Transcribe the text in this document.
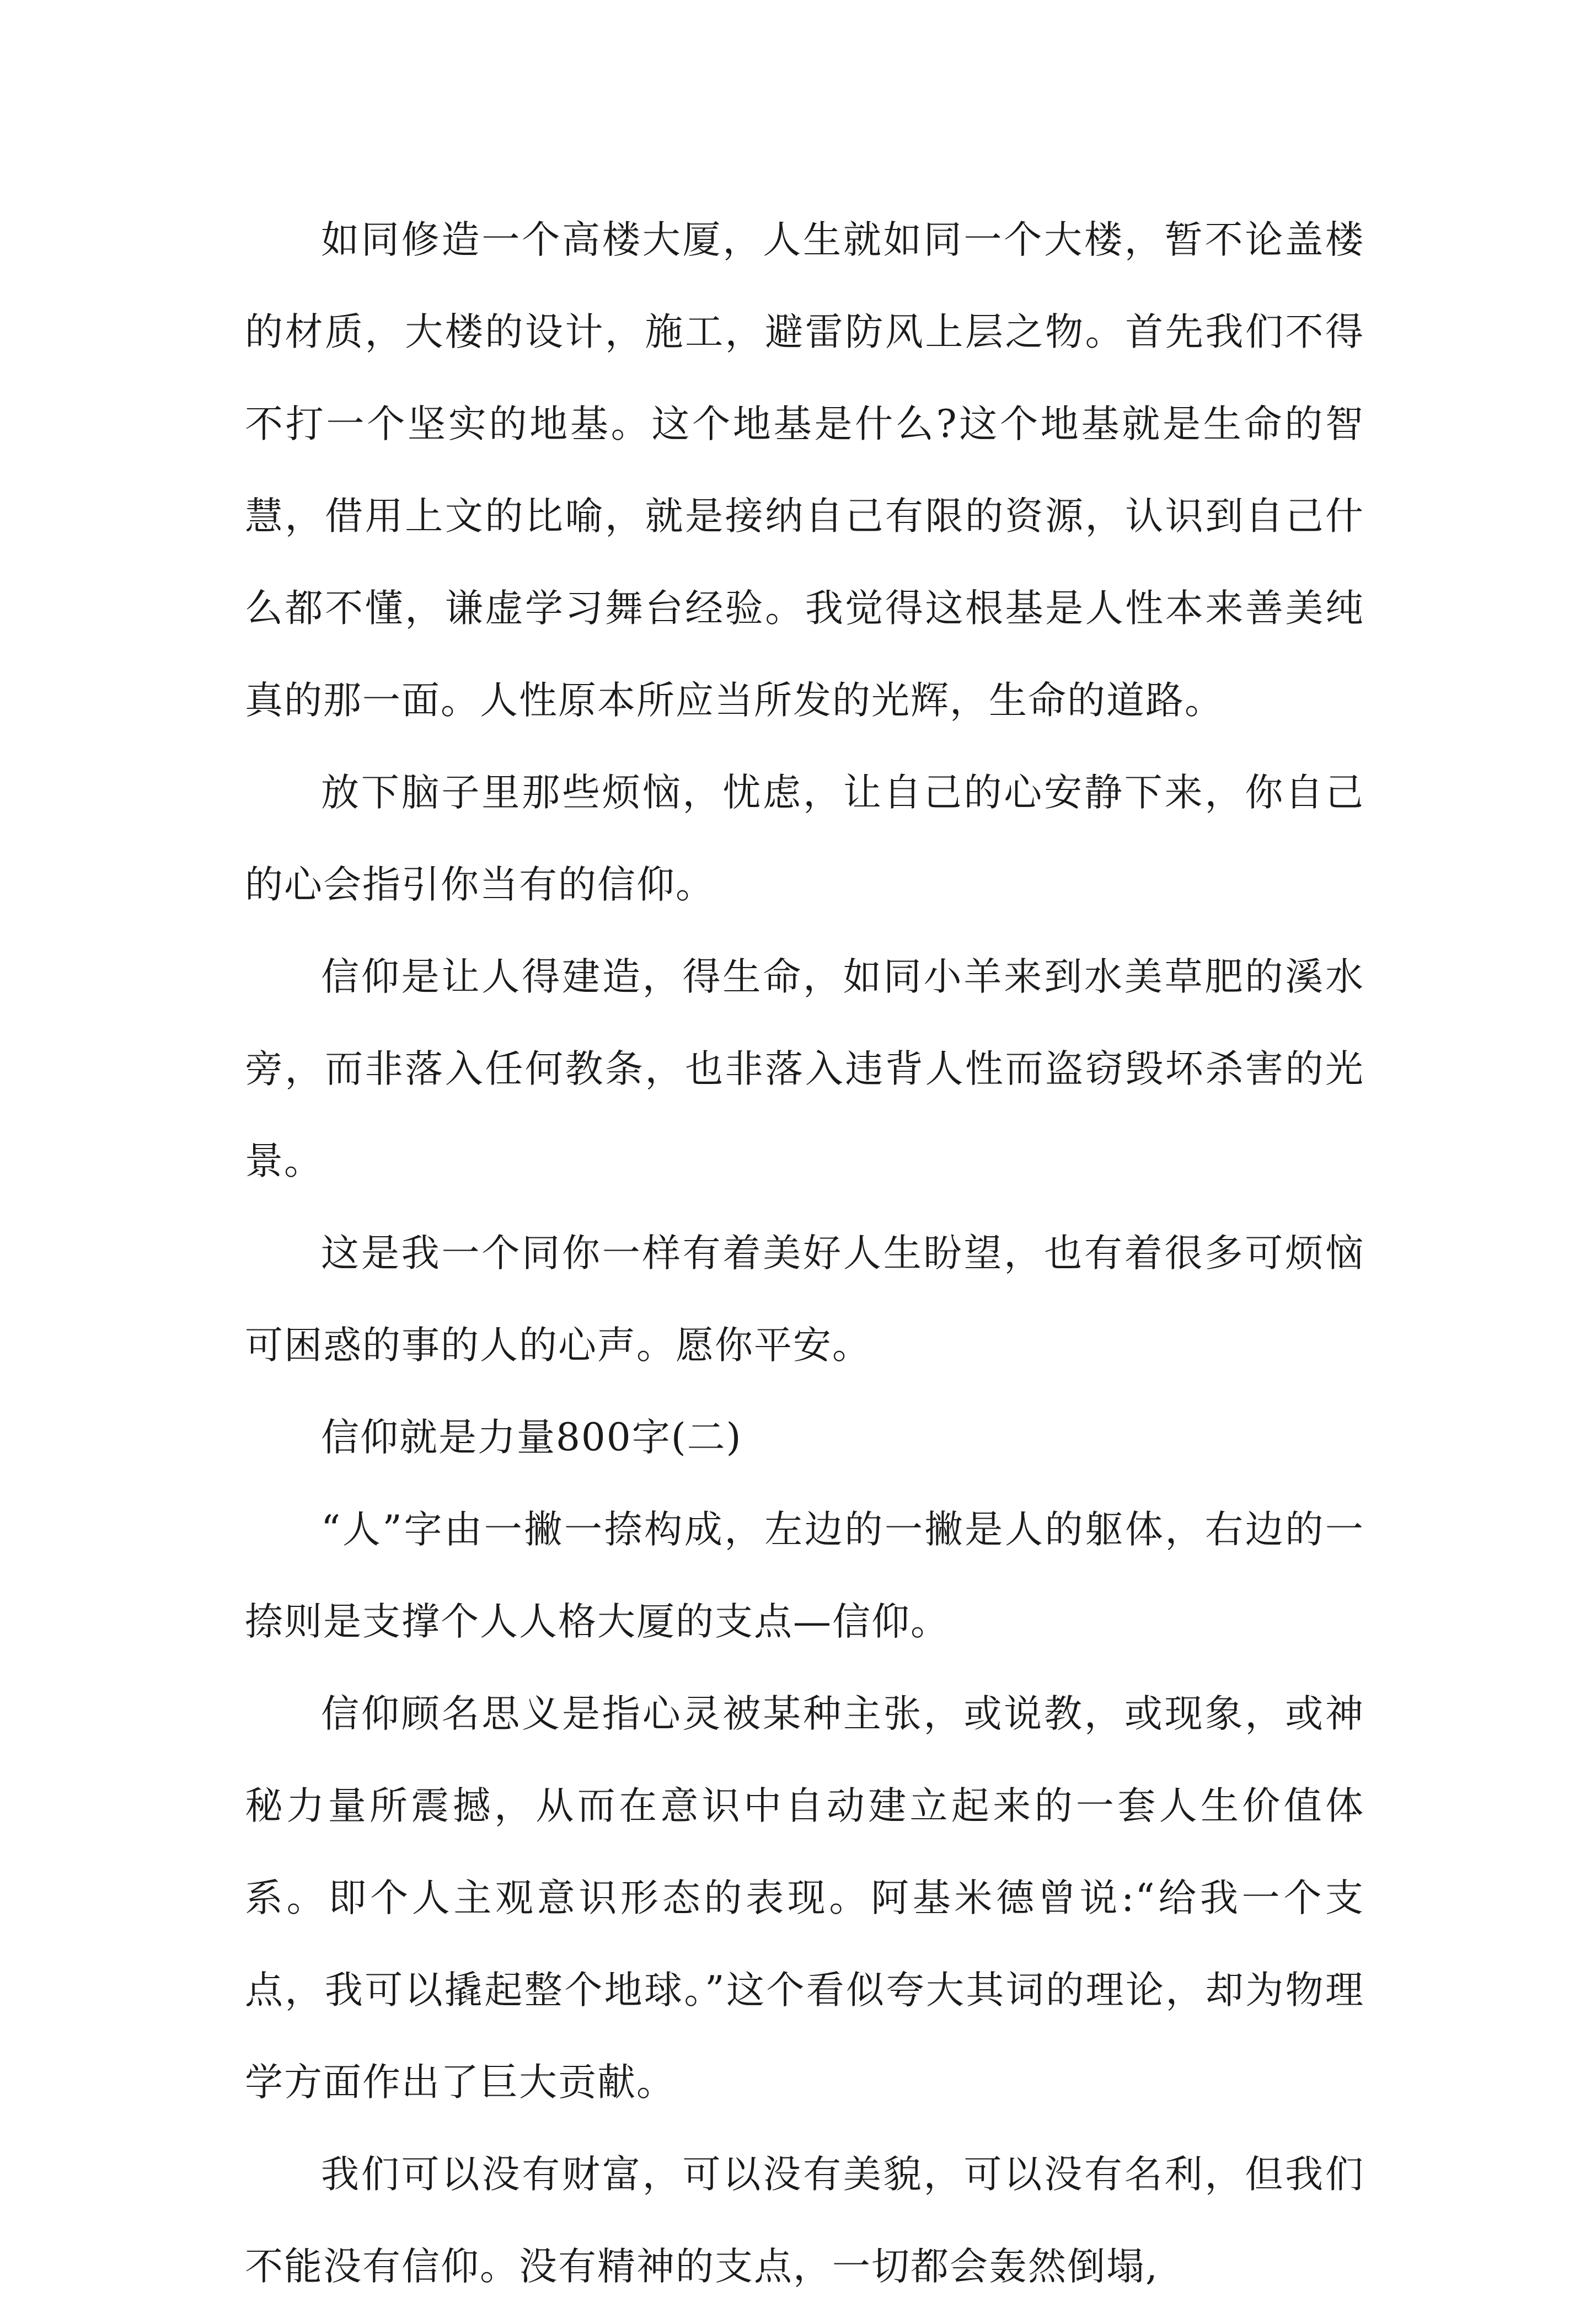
如同修造一个高楼大厦，人生就如同一个大楼，暂不论盖楼的材质，大楼的设计，施工，避雷防风上层之物。首先我们不得不打一个坚实的地基。这个地基是什么?这个地基就是生命的智慧，借用上文的比喻，就是接纳自己有限的资源，认识到自己什么都不懂，谦虚学习舞台经验。我觉得这根基是人性本来善美纯真的那一面。人性原本所应当所发的光辉，生命的道路。

放下脑子里那些烦恼，忧虑，让自己的心安静下来，你自己的心会指引你当有的信仰。

信仰是让人得建造，得生命，如同小羊来到水美草肥的溪水旁，而非落入任何教条，也非落入违背人性而盗窃毁坏杀害的光景。

这是我一个同你一样有着美好人生盼望，也有着很多可烦恼可困惑的事的人的心声。愿你平安。

信仰就是力量800字(二)

“人”字由一撇一捺构成，左边的一撇是人的躯体，右边的一捺则是支撑个人人格大厦的支点—信仰。

信仰顾名思义是指心灵被某种主张，或说教，或现象，或神秘力量所震撼，从而在意识中自动建立起来的一套人生价值体系。即个人主观意识形态的表现。阿基米德曾说:“给我一个支点，我可以撬起整个地球。”这个看似夸大其词的理论，却为物理学方面作出了巨大贡献。

我们可以没有财富，可以没有美貌，可以没有名利，但我们不能没有信仰。没有精神的支点，一切都会轰然倒塌,
